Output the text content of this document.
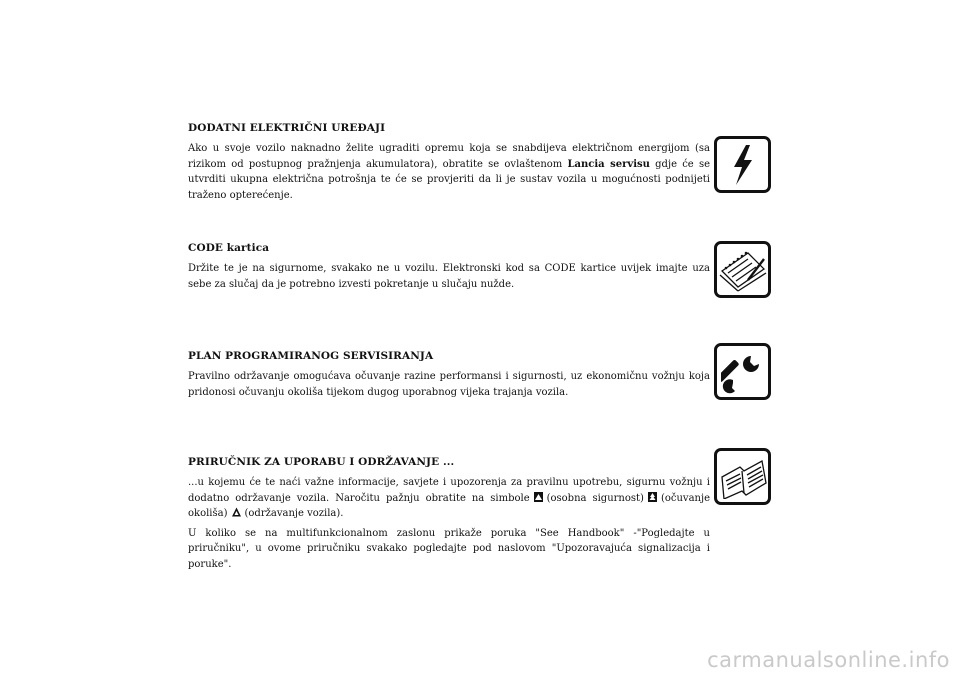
DODATNI ELEKTRIČNI UREĐAJI

Ako u svoje vozilo naknadno želite ugraditi opremu koja se snabdijeva električnom energijom (sa rizikom od postupnog pražnjenja akumulatora), obratite se ovlaštenom Lancia servisu gdje će se utvrditi ukupna električna potrošnja te će se provjeriti da li je sustav vozila u mogućnosti podnijeti traženo opterećenje.

CODE kartica

Držite te je na sigurnome, svakako ne u vozilu. Elektronski kod sa CODE kartice uvijek imajte uza sebe za slučaj da je potrebno izvesti pokretanje u slučaju nužde.

PLAN PROGRAMIRANOG SERVISIRANJA

Pravilno održavanje omogućava očuvanje razine performansi i sigurnosti, uz ekonomičnu vožnju koja pridonosi očuvanju okoliša tijekom dugog uporabnog vijeka trajanja vozila.

PRIRUČNIK ZA UPORABU I ODRŽAVANJE ...

...u kojemu će te naći važne informacije, savjete i upozorenja za pravilnu upotrebu, sigurnu vožnju i dodatno održavanje vozila. Naročitu pažnju obratite na simbole (osobna sigurnost) (očuvanje okoliša) (održavanje vozila).

U koliko se na multifunkcionalnom zaslonu prikaže poruka "See Handbook" -"Pogledajte u priručniku", u ovome priručniku svakako pogledajte pod naslovom "Upozoravajuća signalizacija i poruke".

carmanualsonline.info
